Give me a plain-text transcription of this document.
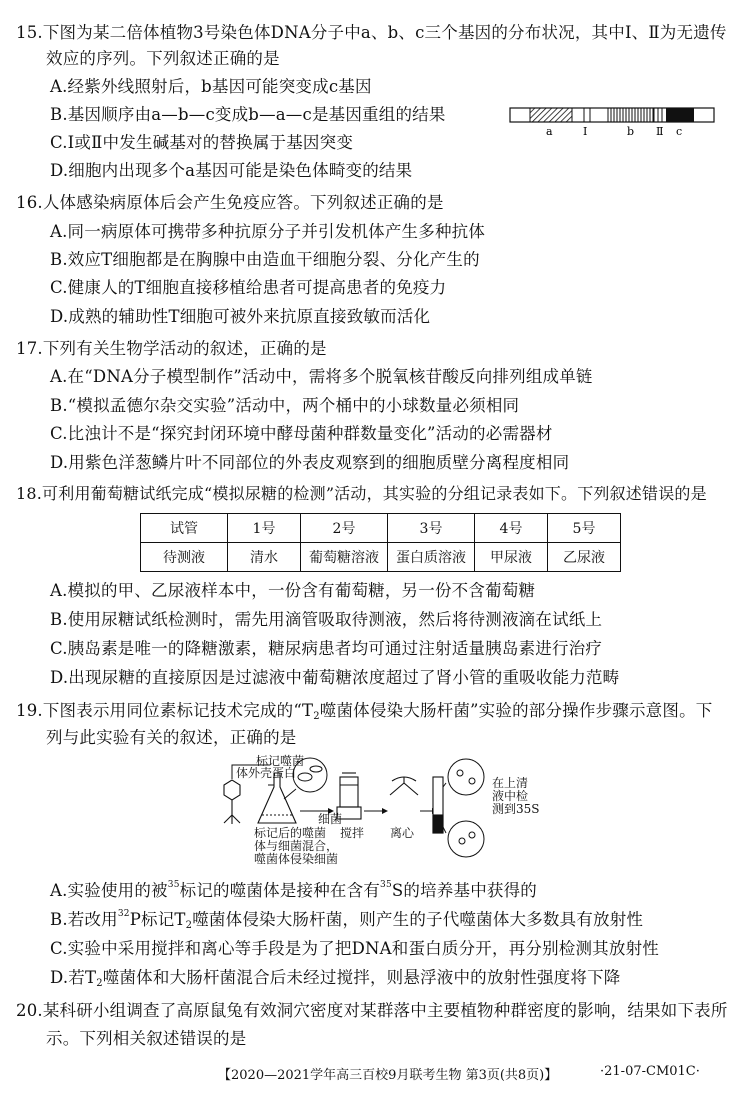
15.下图为某二倍体植物3号染色体DNA分子中a、b、c三个基因的分布状况，其中Ⅰ、Ⅱ为无遗传
效应的序列。下列叙述正确的是
A.经紫外线照射后，b基因可能突变成c基因
B.基因顺序由a—b—c变成b—a—c是基因重组的结果
C.Ⅰ或Ⅱ中发生碱基对的替换属于基因突变
D.细胞内出现多个a基因可能是染色体畸变的结果
a	Ⅰ	b Ⅱ c
16.人体感染病原体后会产生免疫应答。下列叙述正确的是
A.同一病原体可携带多种抗原分子并引发机体产生多种抗体
B.效应T细胞都是在胸腺中由造血干细胞分裂、分化产生的
C.健康人的T细胞直接移植给患者可提高患者的免疫力
D.成熟的辅助性T细胞可被外来抗原直接致敏而活化
17.下列有关生物学活动的叙述，正确的是
A.在“DNA分子模型制作”活动中，需将多个脱氧核苷酸反向排列组成单链
B.“模拟孟德尔杂交实验”活动中，两个桶中的小球数量必须相同
C.比浊计不是“探究封闭环境中酵母菌种群数量变化”活动的必需器材
D.用紫色洋葱鳞片叶不同部位的外表皮观察到的细胞质壁分离程度相同
18.可利用葡萄糖试纸完成“模拟尿糖的检测”活动，其实验的分组记录表如下。下列叙述错误的是
试管	1号	2号	3号	4号	5号
待测液	清水	葡萄糖溶液	蛋白质溶液	甲尿液	乙尿液
A.模拟的甲、乙尿液样本中，一份含有葡萄糖，另一份不含葡萄糖
B.使用尿糖试纸检测时，需先用滴管吸取待测液，然后将待测液滴在试纸上
C.胰岛素是唯一的降糖激素，糖尿病患者均可通过注射适量胰岛素进行治疗
D.出现尿糖的直接原因是过滤液中葡萄糖浓度超过了肾小管的重吸收能力范畴
19.下图表示用同位素标记技术完成的“T2噬菌体侵染大肠杆菌”实验的部分操作步骤示意图。下
列与此实验有关的叙述，正确的是
标记噬菌
体外壳蛋白
细菌
标记后的噬菌
体与细菌混合，
噬菌体侵染细菌
搅拌 离心
在上清
液中检
测到35S
A.实验使用的被$^{35}$标记的噬菌体是接种在含有$^{35}$S的培养基中获得的
B.若改用$^{32}$P标记T2噬菌体侵染大肠杆菌，则产生的子代噬菌体大多数具有放射性
C.实验中采用搅拌和离心等手段是为了把DNA和蛋白质分开，再分别检测其放射性
D.若T2噬菌体和大肠杆菌混合后未经过搅拌，则悬浮液中的放射性强度将下降
20.某科研小组调查了高原鼠兔有效洞穴密度对某群落中主要植物种群密度的影响，结果如下表所
示。下列相关叙述错误的是
【2020—2021学年高三百校9月联考生物 第3页(共8页)】	·21-07-CM01C·
